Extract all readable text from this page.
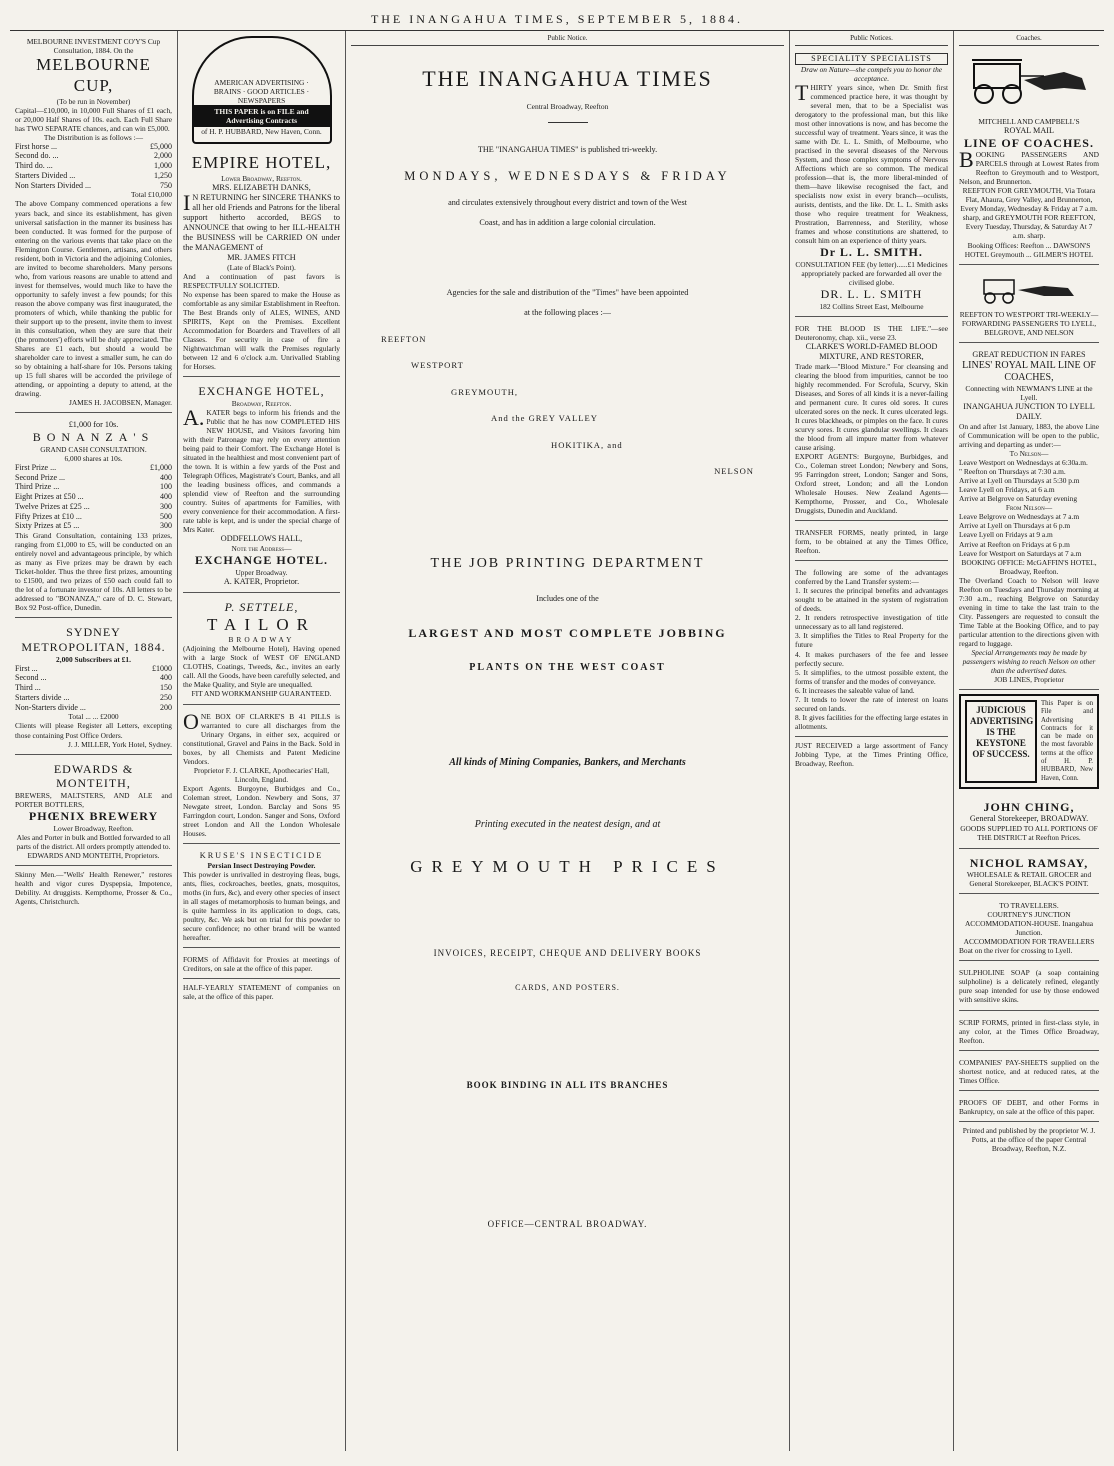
THE INANGAHUA TIMES, SEPTEMBER 5, 1884.
MELBOURNE INVESTMENT CO'Y'S Cup Consultation, 1884. On the
MELBOURNE CUP,
(To be run in November)

Capital—£10,000, in 10,000 Full Shares of £1 each, or 20,000 Half Shares of 10s. each. Each Full Share has TWO SEPARATE chances, and can win £5,000.

The Distribution is as follows :—
First horse ...	£5,000
Second do. ...	2,000
Third do. ...	1,000
Starters Divided ...	1,250
Non Starters Divided ...	750
Total £10,000

The above Company commenced operations a few years back, and since its establishment, has given universal satisfaction in the manner its business has been conducted. It was formed for the purpose of entering on the various events that take place on the Flemington Course. Gentlemen, artisans, and others resident, both in Victoria and the adjoining Colonies, are invited to become shareholders. Many persons who, from various reasons are unable to attend and invest for themselves, would much like to have the opportunity to safely invest a few pounds; for this reason the above company was first inaugurated, the promoters of which, while thanking the public for their support up to the present, invite them to invest in this consultation, when they are sure that their (the promoters') efforts will be duly appreciated. The Shares are £1 each, but should a would be shareholder care to invest a smaller sum, he can do so by obtaining a half-share for 10s. Persons taking up 15 full shares will be accorded the privilege of attending, or appointing a deputy to attend, at the drawing.

JAMES H. JACOBSEN, Manager.
£1,000 for 10s.
BONANZA'S
GRAND CASH CONSULTATION.
6,000 shares at 10s.
First Prize ...	£1,000
Second Prize ...	400
Third Prize ...	100
Eight Prizes at £50 ...	400
Twelve Prizes at £25 ...	300
Fifty Prizes at £10 ...	500
Sixty Prizes at £5 ...	300

This Grand Consultation, containing 133 prizes, ranging from £1,000 to £5, will be conducted on an entirely novel and advantageous principle, by which as many as Five prizes may be drawn by each Ticket-holder. Thus the three first prizes, amounting to £1500, and two prizes of £50 each could fall to the lot of a fortunate investor of 10s. All letters to be addressed to "BONANZA," care of D. C. Stewart, Box 92 Post-office, Dunedin.

SYDNEY METROPOLITAN, 1884.
2,000 Subscribers at £1.
First ...	£1000
Second ...	400
Third ...	150
Starters divide ...	250
Non-Starters divide ...	200
Total ... ... £2000

Clients will please Register all Letters, excepting those containing Post Office Orders.

J. J. MILLER, York Hotel, Sydney.
EDWARDS & MONTEITH,

BREWERS, MALTSTERS, AND ALE and PORTER BOTTLERS,

PHŒNIX BREWERY
Lower Broadway, Reefton.

Ales and Porter in bulk and Bottled forwarded to all parts of the district. All orders promptly attended to. EDWARDS AND MONTEITH, Proprietors.

Skinny Men.—"Wells' Health Renewer," restores health and vigor cures Dyspepsia, Impotence, Debility. At druggists. Kempthorne, Prosser & Co., Agents, Christchurch.

AMERICAN ADVERTISING · BRAINS · GOOD ARTICLES · NEWSPAPERS
THIS PAPER is on FILE and Advertising Contracts
of H. P. HUBBARD, New Haven, Conn.
EMPIRE HOTEL,
Lower Broadway, Reefton.
MRS. ELIZABETH DANKS,

IN RETURNING her SINCERE THANKS to all her old Friends and Patrons for the liberal support hitherto accorded, BEGS to ANNOUNCE that owing to her ILL-HEALTH the BUSINESS will be CARRIED ON under the MANAGEMENT of

MR. JAMES FITCH
(Late of Black's Point).

And a continuation of past favors is RESPECTFULLY SOLICITED.

No expense has been spared to make the House as comfortable as any similar Establishment in Reefton. The Best Brands only of ALES, WINES, AND SPIRITS, Kept on the Premises. Excellent Accommodation for Boarders and Travellers of all Classes. For security in case of fire a Nightwatchman will walk the Premises regularly between 12 and 6 o'clock a.m. Unrivalled Stabling for Horses.

EXCHANGE HOTEL,
Broadway, Reefton.

A.KATER begs to inform his friends and the Public that he has now COMPLETED HIS NEW HOUSE, and Visitors favoring him with their Patronage may rely on every attention being paid to their Comfort. The Exchange Hotel is situated in the healthiest and most convenient part of the town. It is within a few yards of the Post and Telegraph Offices, Magistrate's Court, Banks, and all the leading business offices, and commands a splendid view of Reefton and the surrounding country. Suites of apartments for Families, with every convenience for their accommodation. A first-rate table is kept, and is under the special charge of Mrs Kater.

ODDFELLOWS HALL,
Note the Address—
EXCHANGE HOTEL.
Upper Broadway.
A. KATER, Proprietor.
P. SETTELE,
TAILOR
BROADWAY

(Adjoining the Melbourne Hotel), Having opened with a large Stock of WEST OF ENGLAND CLOTHS, Coatings, Tweeds, &c., invites an early call. All the Goods, have been carefully selected, and the Make Quality, and Style are unequalled.

FIT AND WORKMANSHIP GUARANTEED.

ONE BOX OF CLARKE'S B 41 PILLS is warranted to cure all discharges from the Urinary Organs, in either sex, acquired or constitutional, Gravel and Pains in the Back. Sold in boxes, by all Chemists and Patent Medicine Vendors.

Proprietor F. J. CLARKE, Apothecaries' Hall, Lincoln, England.

Export Agents. Burgoyne, Burbidges and Co., Coleman street, London. Newbery and Sons, 37 Newgate street, London. Barclay and Sons 95 Farringdon court, London. Sanger and Sons, Oxford street London and All the London Wholesale Houses.

KRUSE'S INSECTICIDE
Persian Insect Destroying Powder.

This powder is unrivalled in destroying fleas, bugs, ants, flies, cockroaches, beetles, gnats, mosquitos, moths (in furs, &c), and every other species of insect in all stages of metamorphosis to human beings, and is quite harmless in its application to dogs, cats, poultry, &c. We ask but on trial for this powder to secure confidence; no other brand will be wanted hereafter.

FORMS of Affidavit for Proxies at meetings of Creditors, on sale at the office of this paper.

HALF-YEARLY STATEMENT of companies on sale, at the office of this paper.

Public Notice.
THE INANGAHUA TIMES
Central Broadway, Reefton
THE "INANGAHUA TIMES" is published tri-weekly.
MONDAYS, WEDNESDAYS & FRIDAY
and circulates extensively throughout every district and town of the West
Coast, and has in addition a large colonial circulation.
Agencies for the sale and distribution of the "Times" have been appointed
at the following places :—
REEFTON
WESTPORT
GREYMOUTH,
And the GREY VALLEY
HOKITIKA, and
NELSON
THE JOB PRINTING DEPARTMENT
Includes one of the
LARGEST AND MOST COMPLETE JOBBING
PLANTS ON THE WEST COAST
All kinds of Mining Companies, Bankers, and Merchants
Printing executed in the neatest design, and at
GREYMOUTH PRICES
INVOICES, RECEIPT, CHEQUE AND DELIVERY BOOKS
CARDS, AND POSTERS.
BOOK BINDING IN ALL ITS BRANCHES
OFFICE—CENTRAL BROADWAY.
Public Notices.
SPECIALITY SPECIALISTS
Draw on Nature—she compels you to honor the acceptance.

THIRTY years since, when Dr. Smith first commenced practice here, it was thought by several men, that to be a Specialist was derogatory to the professional man, but this like most other innovations is now, and has become the successful way of treatment. Years since, it was the same with Dr. L. L. Smith, of Melbourne, who practised in the several diseases of the Nervous System, and those complex symptoms of Nervous Affections which are so common. The medical profession—that is, the more liberal-minded of them—have likewise recognised the fact, and specialists now exist in every branch—oculists, aurists, dentists, and the like. Dr. L. L. Smith asks those who require treatment for Weakness, Prostration, Barrenness, and Sterility, whose frames and whose constitutions are shattered, to consult him on an experience of thirty years.

Dr L. L. SMITH.

CONSULTATION FEE (by letter)......£1 Medicines appropriately packed are forwarded all over the civilised globe.

DR. L. L. SMITH
182 Collins Street East, Melbourne

FOR THE BLOOD IS THE LIFE."—see Deuteronomy, chap. xii., verse 23.

CLARKE'S WORLD-FAMED BLOOD MIXTURE, AND RESTORER,

Trade mark—"Blood Mixture." For cleansing and clearing the blood from impurities, cannot be too highly recommended. For Scrofula, Scurvy, Skin Diseases, and Sores of all kinds it is a never-failing and permanent cure. It cures old sores. It cures ulcerated sores on the neck. It cures ulcerated legs. It cures blackheads, or pimples on the face. It cures scurvy sores. It cures glandular swellings. It clears the blood from all impure matter from whatever cause arising.

EXPORT AGENTS: Burgoyne, Burbidges, and Co., Coleman street London; Newbery and Sons, 95 Farringdon street, London; Sanger and Sons, Oxford street, London; and all the London Wholesale Houses. New Zealand Agents—Kempthorne, Prosser, and Co., Wholesale Druggists, Dunedin and Auckland.

TRANSFER FORMS, neatly printed, in large form, to be obtained at any the Times Office, Reefton.

The following are some of the advantages conferred by the Land Transfer system:—

1. It secures the principal benefits and advantages sought to be attained in the system of registration of deeds.

2. It renders retrospective investigation of title unnecessary as to all land registered.

3. It simplifies the Titles to Real Property for the future

4. It makes purchasers of the fee and lessee perfectly secure.

5. It simplifies, to the utmost possible extent, the forms of transfer and the modes of conveyance.

6. It increases the saleable value of land.

7. It tends to lower the rate of interest on loans secured on lands.

8. It gives facilities for the effecting large estates in allotments.

JUST RECEIVED a large assortment of Fancy Jobbing Type, at the Times Printing Office, Broadway, Reefton.

Coaches.
MITCHELL AND CAMPBELL'S
ROYAL MAIL
LINE OF COACHES.

BOOKING PASSENGERS AND PARCELS through at Lowest Rates from Reefton to Greymouth and to Westport, Nelson, and Brunnerton.

REEFTON FOR GREYMOUTH, Via Totara Flat, Ahaura, Grey Valley, and Brunnerton, Every Monday, Wednesday & Friday at 7 a.m. sharp, and GREYMOUTH FOR REEFTON, Every Tuesday, Thursday, & Saturday At 7 a.m. sharp.

Booking Offices: Reefton ... DAWSON'S HOTEL Greymouth ... GILMER'S HOTEL

REEFTON TO WESTPORT TRI-WEEKLY—FORWARDING PASSENGERS TO LYELL, BELGROVE, AND NELSON

GREAT REDUCTION IN FARES
LINES' ROYAL MAIL LINE OF COACHES,
Connecting with NEWMAN'S LINE at the Lyell.
INANGAHUA JUNCTION TO LYELL DAILY.

On and after 1st January, 1883, the above Line of Communication will be open to the public, arriving and departing as under:—

To Nelson—
Leave Westport on Wednesdays at 6:30a.m.
" Reefton on Thursdays at 7:30 a.m.
Arrive at Lyell on Thursdays at 5:30 p.m
Leave Lyell on Fridays, at 6 a.m
Arrive at Belgrove on Saturday evening
From Nelson—
Leave Belgrove on Wednesdays at 7 a.m
Arrive at Lyell on Thursdays at 6 p.m
Leave Lyell on Fridays at 9 a.m
Arrive at Reefton on Fridays at 6 p.m
Leave for Westport on Saturdays at 7 a.m

BOOKING OFFICE: McGAFFIN'S HOTEL, Broadway, Reefton.

The Overland Coach to Nelson will leave Reefton on Tuesdays and Thursday morning at 7:30 a.m., reaching Belgrove on Saturday evening in time to take the last train to the City. Passengers are requested to consult the Time Table at the Booking Office, and to pay particular attention to the directions given with regard to luggage.

Special Arrangements may be made by passengers wishing to reach Nelson on other than the advertised dates.

JOB LINES, Proprietor
JUDICIOUS ADVERTISING IS THE KEYSTONE OF SUCCESS.
This Paper is on File and Advertising Contracts for it can be made on the most favorable terms at the office of H. P. HUBBARD, New Haven, Conn.
JOHN CHING,
General Storekeeper, BROADWAY.

GOODS SUPPLIED TO ALL PORTIONS OF THE DISTRICT at Reefton Prices.

NICHOL RAMSAY,

WHOLESALE & RETAIL GROCER and General Storekeeper, BLACK'S POINT.

TO TRAVELLERS.

COURTNEY'S JUNCTION ACCOMMODATION-HOUSE. Inangahua Junction.

ACCOMMODATION FOR TRAVELLERS

Boat on the river for crossing to Lyell.

SULPHOLINE SOAP (a soap containing sulpholine) is a delicately refined, elegantly pure soap intended for use by those endowed with sensitive skins.

SCRIP FORMS, printed in first-class style, in any color, at the Times Office Broadway, Reefton.

COMPANIES' PAY-SHEETS supplied on the shortest notice, and at reduced rates, at the Times Office.

PROOFS OF DEBT, and other Forms in Bankruptcy, on sale at the office of this paper.

Printed and published by the proprietor W. J. Potts, at the office of the paper Central Broadway, Reefton, N.Z.
